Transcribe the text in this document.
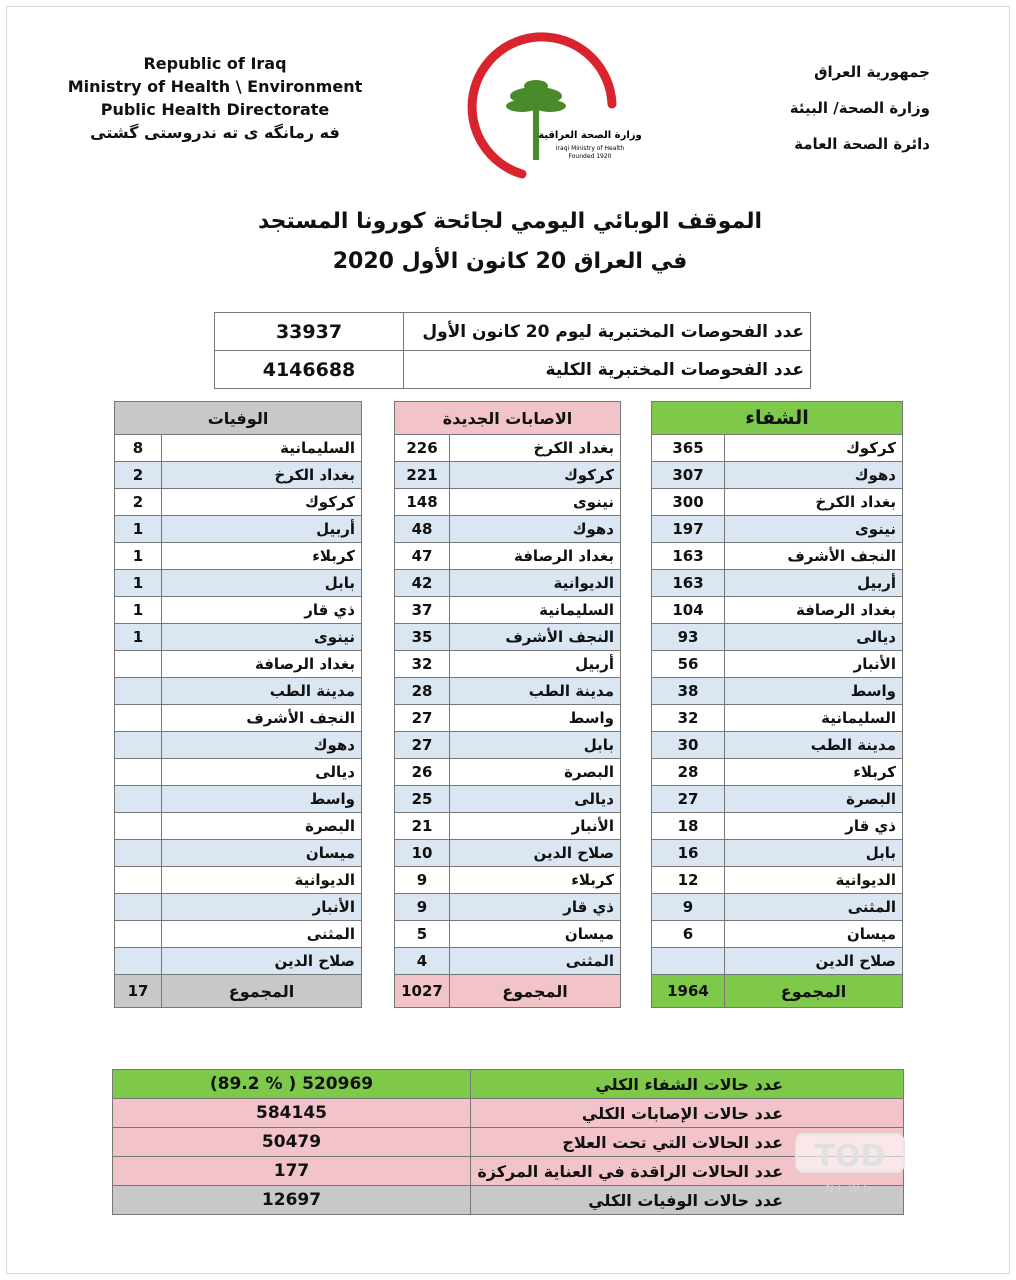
Republic of Iraq
Ministry of Health \ Environment
Public Health Directorate
فه رمانگه ى ته ندروستى گشتى
جمهورية العراق
وزارة الصحة/ البيئة
دائرة الصحة العامة
وزارة الصحة العراقية
Iraqi Ministry of Health
Founded 1920
الموقف الوبائي اليومي لجائحة كورونا المستجد
في العراق 20 كانون الأول 2020
33937	عدد الفحوصات المختبرية ليوم 20 كانون الأول
4146688	عدد الفحوصات المختبرية الكلية
الوفيات	
8	السليمانية
2	بغداد الكرخ
2	كركوك
1	أربيل
1	كربلاء
1	بابل
1	ذي قار
1	نينوى
	بغداد الرصافة
	مدينة الطب
	النجف الأشرف
	دهوك
	ديالى
	واسط
	البصرة
	ميسان
	الديوانية
	الأنبار
	المثنى
	صلاح الدين
17	المجموع
الاصابات الجديدة	
226	بغداد الكرخ
221	كركوك
148	نينوى
48	دهوك
47	بغداد الرصافة
42	الديوانية
37	السليمانية
35	النجف الأشرف
32	أربيل
28	مدينة الطب
27	واسط
27	بابل
26	البصرة
25	ديالى
21	الأنبار
10	صلاح الدين
9	كربلاء
9	ذي قار
5	ميسان
4	المثنى
1027	المجموع
الشفاء	
365	كركوك
307	دهوك
300	بغداد الكرخ
197	نينوى
163	النجف الأشرف
163	أربيل
104	بغداد الرصافة
93	ديالى
56	الأنبار
38	واسط
32	السليمانية
30	مدينة الطب
28	كربلاء
27	البصرة
18	ذي قار
16	بابل
12	الديوانية
9	المثنى
6	ميسان
	صلاح الدين
1964	المجموع
(89.2 % ) 520969	عدد حالات الشفاء الكلي
584145	عدد حالات الإصابات الكلي
50479	عدد الحالات التي تحت العلاج
177	عدد الحالات الراقدة في العناية المركزة
12697	عدد حالات الوفيات الكلي
TOD
NEWS
